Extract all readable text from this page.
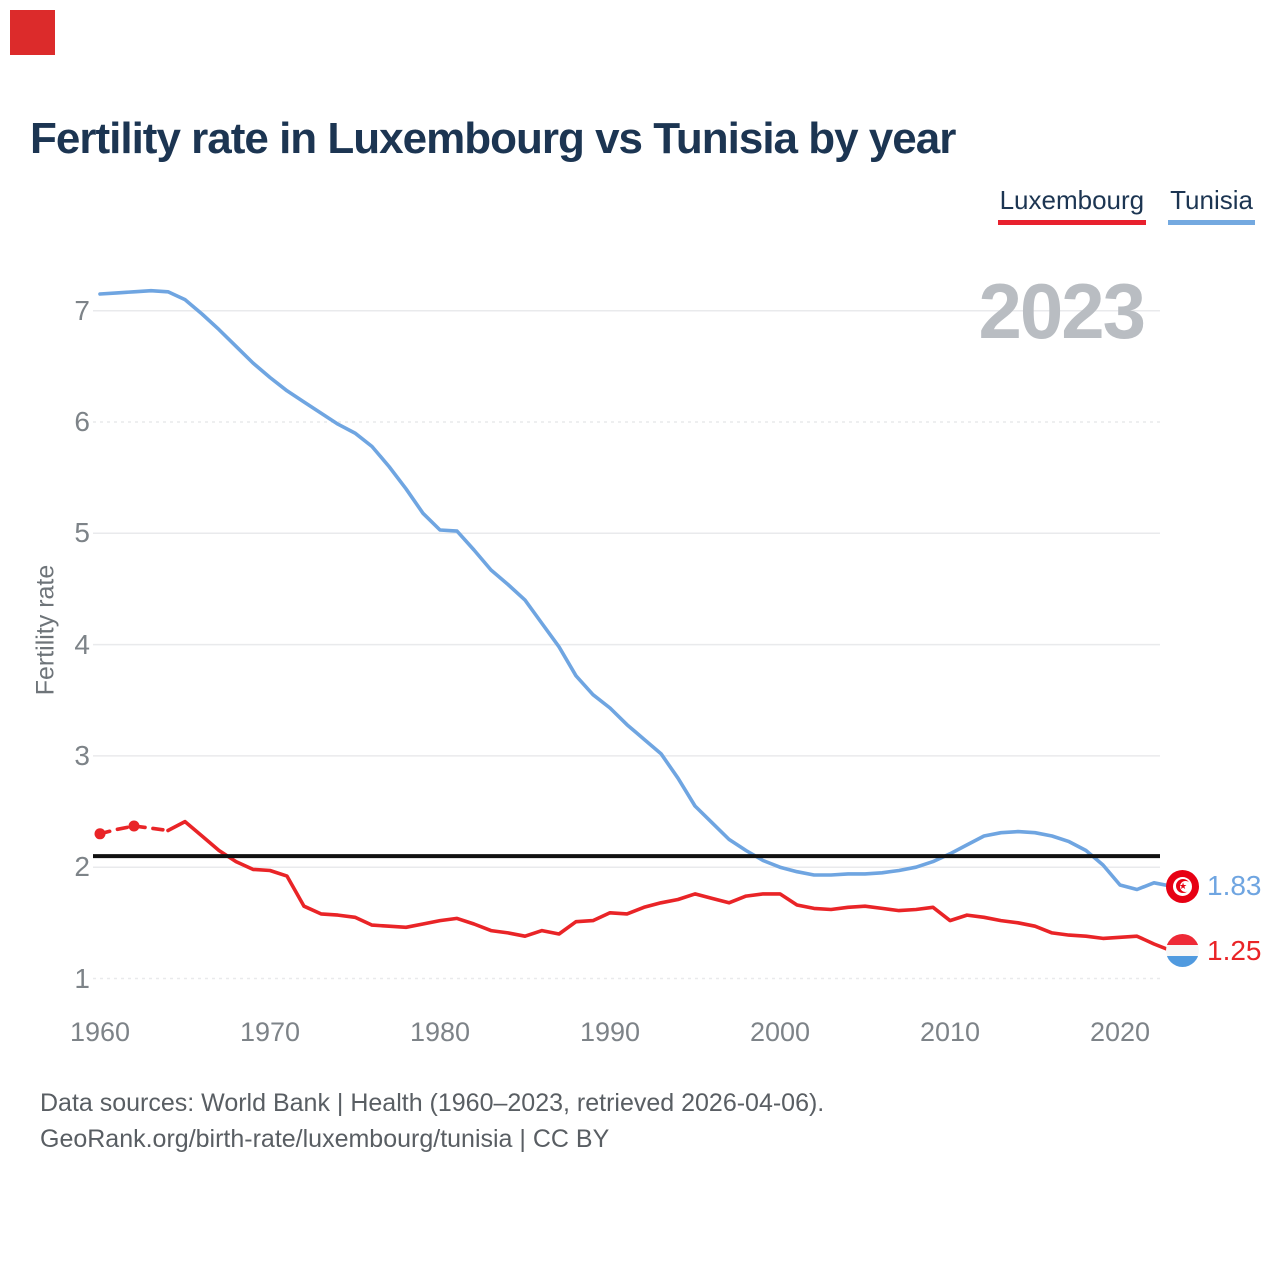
Fertility rate in Luxembourg vs Tunisia by year
Luxembourg Tunisia
2023
Fertility rate
1
2
3
4
5
6
7
1960	1970	1980	1990	2000	2010	2020
★ 1.83
1.25
Data sources: World Bank | Health (1960–2023, retrieved 2026-04-06).
GeoRank.org/birth-rate/luxembourg/tunisia | CC BY
